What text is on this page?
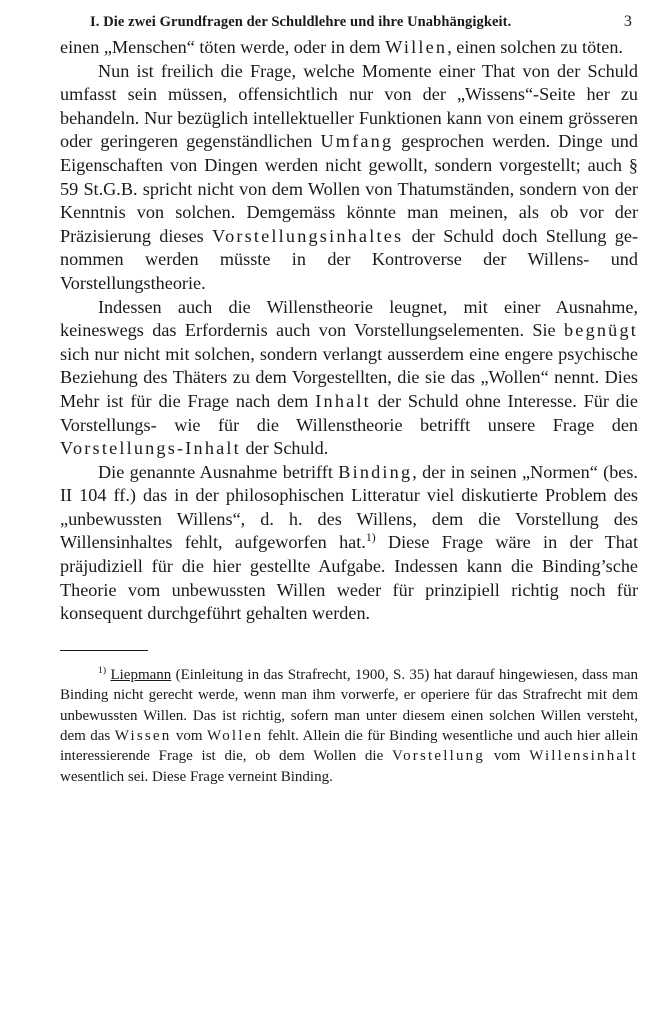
I. Die zwei Grundfragen der Schuldlehre und ihre Unabhängigkeit.	3

einen „Menschen“ töten werde, oder in dem Willen, einen solchen zu töten.

Nun ist freilich die Frage, welche Momente einer That von der Schuld umfasst sein müssen, offensichtlich nur von der „Wissens“-Seite her zu behandeln. Nur bezüglich intellektueller Funktionen kann von einem grösseren oder geringeren gegenständlichen Umfang gesprochen werden. Dinge und Eigenschaften von Dingen werden nicht gewollt, sondern vorgestellt; auch § 59 St.G.B. spricht nicht von dem Wollen von Thatumständen, sondern von der Kenntnis von solchen. Demgemäss könnte man meinen, als ob vor der Präzisierung dieses Vorstellungsinhaltes der Schuld doch Stellung genommen werden müsste in der Kontroverse der Willens- und Vorstellungstheorie.

Indessen auch die Willenstheorie leugnet, mit einer Ausnahme, keineswegs das Erfordernis auch von Vorstellungselementen. Sie begnügt sich nur nicht mit solchen, sondern verlangt ausserdem eine engere psychische Beziehung des Thäters zu dem Vorgestellten, die sie das „Wollen“ nennt. Dies Mehr ist für die Frage nach dem Inhalt der Schuld ohne Interesse. Für die Vorstellungs- wie für die Willenstheorie betrifft unsere Frage den Vorstellungs-Inhalt der Schuld.

Die genannte Ausnahme betrifft Binding, der in seinen „Normen“ (bes. II 104 ff.) das in der philosophischen Litteratur viel diskutierte Problem des „unbewussten Willens“, d. h. des Willens, dem die Vorstellung des Willensinhaltes fehlt, aufgeworfen hat.$^{1)}$ Diese Frage wäre in der That präjudiziell für die hier gestellte Aufgabe. Indessen kann die Binding’sche Theorie vom unbewussten Willen weder für prinzipiell richtig noch für konsequent durchgeführt gehalten werden.

$^{1)}$ Liepmann (Einleitung in das Strafrecht, 1900, S. 35) hat darauf hingewiesen, dass man Binding nicht gerecht werde, wenn man ihm vorwerfe, er operiere für das Strafrecht mit dem unbewussten Willen. Das ist richtig, sofern man unter diesem einen solchen Willen versteht, dem das Wissen vom Wollen fehlt. Allein die für Binding wesentliche und auch hier allein interessierende Frage ist die, ob dem Wollen die Vorstellung vom Willensinhalt wesentlich sei. Diese Frage verneint Binding.
